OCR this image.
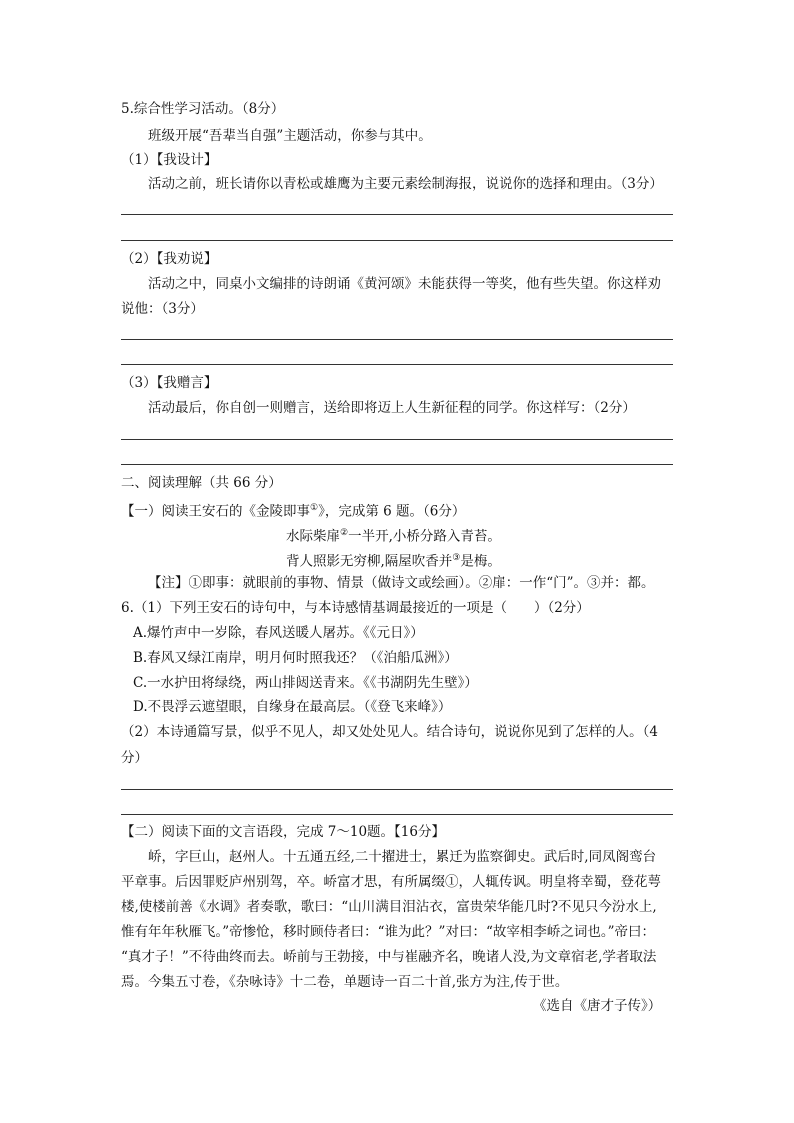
5.综合性学习活动。（8分）
班级开展“吾辈当自强”主题活动，你参与其中。
（1）【我设计】
活动之前，班长请你以青松或雄鹰为主要元素绘制海报，说说你的选择和理由。（3分）
（2）【我劝说】
活动之中，同桌小文编排的诗朗诵《黄河颂》未能获得一等奖，他有些失望。你这样劝
说他：（3分）
（3）【我赠言】
活动最后，你自创一则赠言，送给即将迈上人生新征程的同学。你这样写：（2分）
二、阅读理解（共 66 分）
【一）阅读王安石的《金陵即事①》，完成第 6 题。（6分）
水际柴扉②一半开,小桥分路入青苔。
背人照影无穷柳,隔屋吹香并③是梅。
【注】①即事：就眼前的事物、情景（做诗文或绘画）。②扉：一作“门”。③并：都。
6.（1）下列王安石的诗句中，与本诗感情基调最接近的一项是（　　）（2分）
A.爆竹声中一岁除，春风送暖人屠苏。《《元日》）
B.春风又绿江南岸，明月何时照我还？（《泊船瓜洲》）
C.一水护田将绿绕，两山排闼送青来。《《书湖阴先生壁》）
D.不畏浮云遮望眼，自缘身在最高层。（《登飞来峰》）
（2）本诗通篇写景，似乎不见人，却又处处见人。结合诗句，说说你见到了怎样的人。（4
分）
【二）阅读下面的文言语段，完成 7～10题。【16分】
峤，字巨山，赵州人。十五通五经,二十擢进士，累迁为监察御史。武后时,同凤阁鸾台
平章事。后因罪贬庐州别驾，卒。峤富才思，有所属缀①，人辄传讽。明皇将幸蜀，登花萼
楼,使楼前善《水调》者奏歌，歌曰：“山川满目泪沾衣，富贵荣华能几时?不见只今汾水上,
惟有年年秋雁飞。”帝惨怆，移时顾侍者曰：“谁为此？”对曰：“故宰相李峤之词也。”帝曰：
“真才子！”不待曲终而去。峤前与王勃接，中与崔融齐名，晚诸人没,为文章宿老,学者取法
焉。今集五寸卷，《杂咏诗》十二卷，单题诗一百二十首,张方为注,传于世。
《选自《唐才子传》）
